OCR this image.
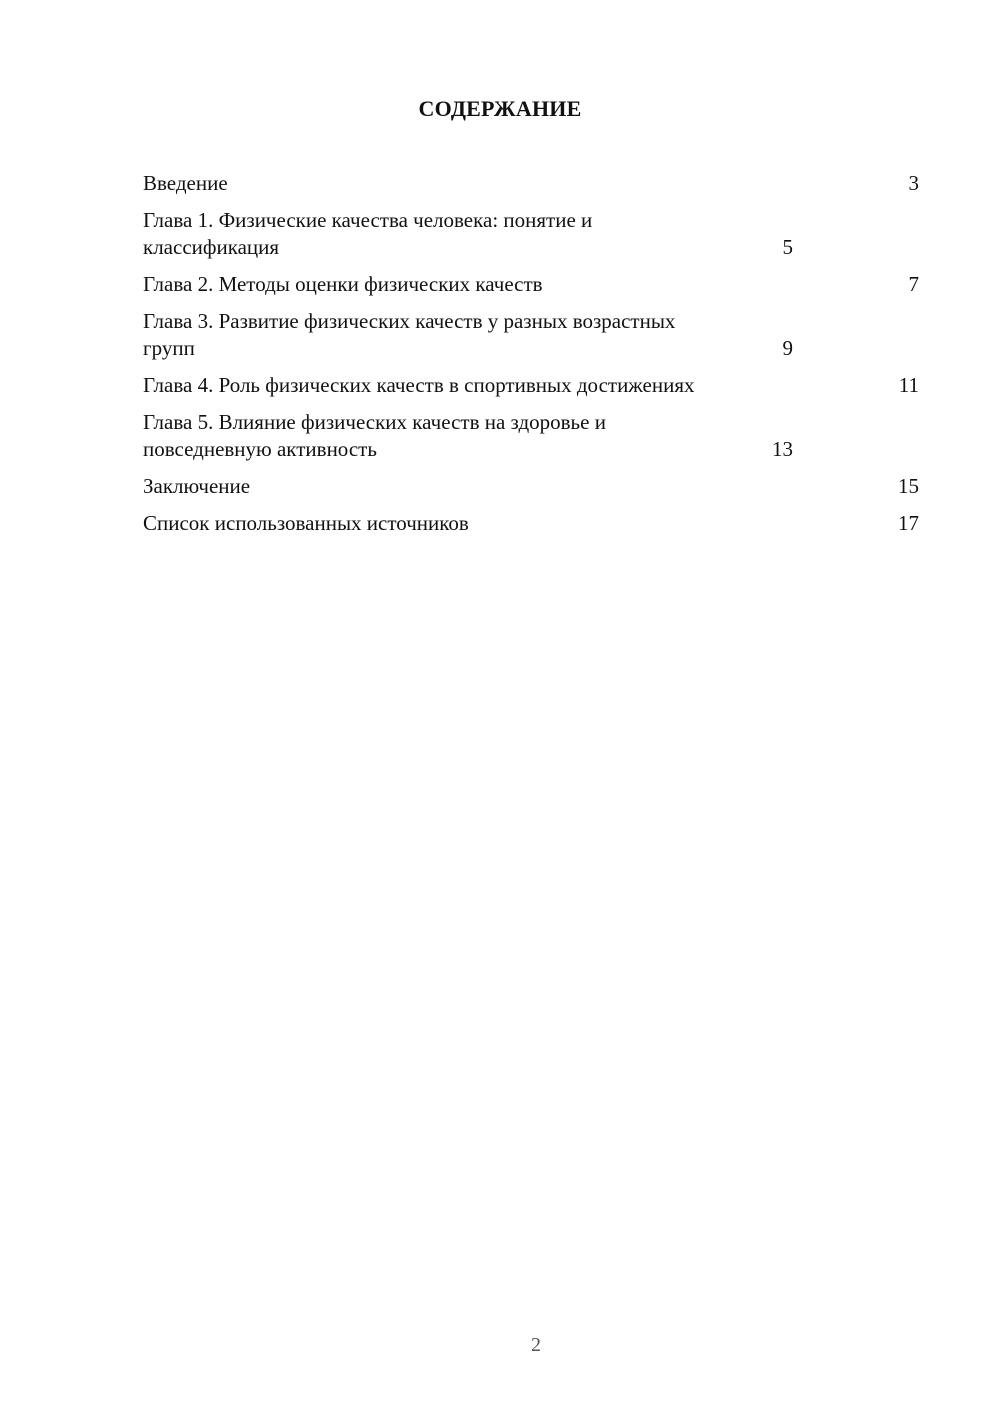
СОДЕРЖАНИЕ
Введение	3
Глава 1. Физические качества человека: понятие и классификация	5
Глава 2. Методы оценки физических качеств	7
Глава 3. Развитие физических качеств у разных возрастных групп	9
Глава 4. Роль физических качеств в спортивных достижениях	11
Глава 5. Влияние физических качеств на здоровье и повседневную активность	13
Заключение	15
Список использованных источников	17
2
